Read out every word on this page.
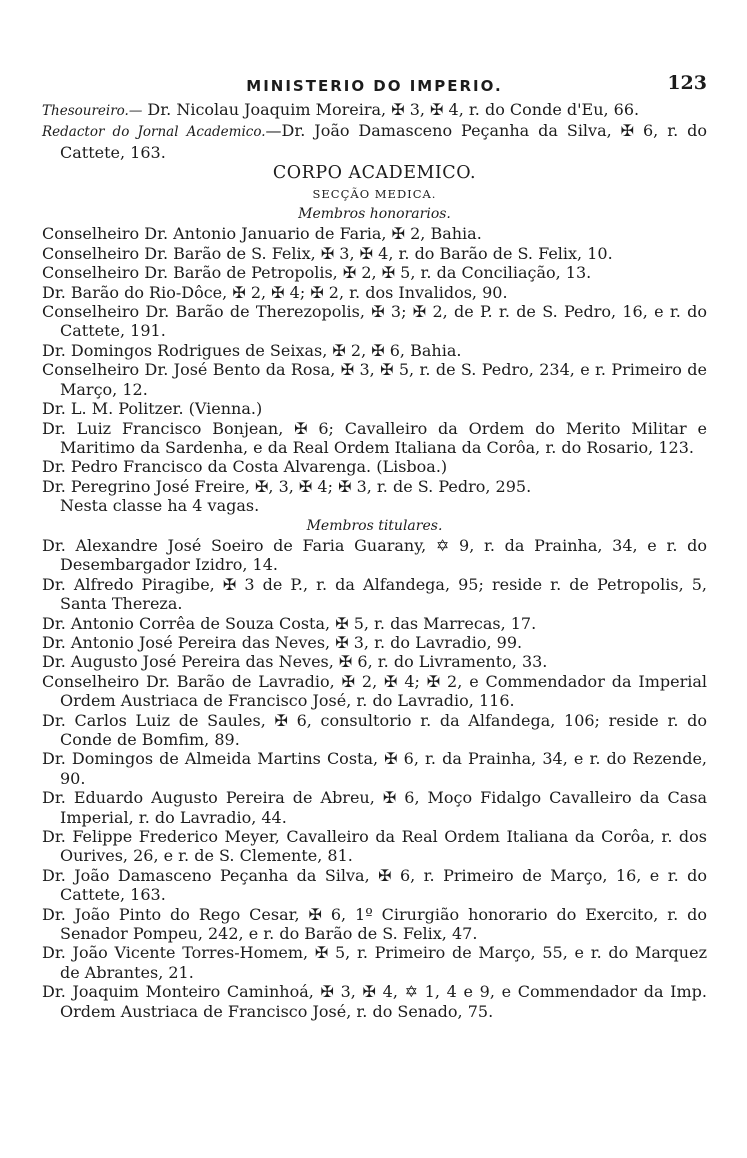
MINISTERIO DO IMPERIO.	123

Thesoureiro.— Dr. Nicolau Joaquim Moreira, ✠ 3, ✠ 4, r. do Conde d'Eu, 66.

Redactor do Jornal Academico.—Dr. João Damasceno Peçanha da Silva, ✠ 6, r. do Cattete, 163.

CORPO ACADEMICO.

SECÇÃO MEDICA.

Membros honorarios.

Conselheiro Dr. Antonio Januario de Faria, ✠ 2, Bahia.

Conselheiro Dr. Barão de S. Felix, ✠ 3, ✠ 4, r. do Barão de S. Felix, 10.

Conselheiro Dr. Barão de Petropolis, ✠ 2, ✠ 5, r. da Conciliação, 13.

Dr. Barão do Rio-Dôce, ✠ 2, ✠ 4; ✠ 2, r. dos Invalidos, 90.

Conselheiro Dr. Barão de Therezopolis, ✠ 3; ✠ 2, de P. r. de S. Pedro, 16, e r. do Cattete, 191.

Dr. Domingos Rodrigues de Seixas, ✠ 2, ✠ 6, Bahia.

Conselheiro Dr. José Bento da Rosa, ✠ 3, ✠ 5, r. de S. Pedro, 234, e r. Primeiro de Março, 12.

Dr. L. M. Politzer. (Vienna.)

Dr. Luiz Francisco Bonjean, ✠ 6; Cavalleiro da Ordem do Merito Militar e Maritimo da Sardenha, e da Real Ordem Italiana da Corôa, r. do Rosario, 123.

Dr. Pedro Francisco da Costa Alvarenga. (Lisboa.)

Dr. Peregrino José Freire, ✠, 3, ✠ 4; ✠ 3, r. de S. Pedro, 295.

Nesta classe ha 4 vagas.

Membros titulares.

Dr. Alexandre José Soeiro de Faria Guarany, ✡ 9, r. da Prainha, 34, e r. do Desembargador Izidro, 14.

Dr. Alfredo Piragibe, ✠ 3 de P., r. da Alfandega, 95; reside r. de Petropolis, 5, Santa Thereza.

Dr. Antonio Corrêa de Souza Costa, ✠ 5, r. das Marrecas, 17.

Dr. Antonio José Pereira das Neves, ✠ 3, r. do Lavradio, 99.

Dr. Augusto José Pereira das Neves, ✠ 6, r. do Livramento, 33.

Conselheiro Dr. Barão de Lavradio, ✠ 2, ✠ 4; ✠ 2, e Commendador da Imperial Ordem Austriaca de Francisco José, r. do Lavradio, 116.

Dr. Carlos Luiz de Saules, ✠ 6, consultorio r. da Alfandega, 106; reside r. do Conde de Bomfim, 89.

Dr. Domingos de Almeida Martins Costa, ✠ 6, r. da Prainha, 34, e r. do Rezende, 90.

Dr. Eduardo Augusto Pereira de Abreu, ✠ 6, Moço Fidalgo Cavalleiro da Casa Imperial, r. do Lavradio, 44.

Dr. Felippe Frederico Meyer, Cavalleiro da Real Ordem Italiana da Corôa, r. dos Ourives, 26, e r. de S. Clemente, 81.

Dr. João Damasceno Peçanha da Silva, ✠ 6, r. Primeiro de Março, 16, e r. do Cattete, 163.

Dr. João Pinto do Rego Cesar, ✠ 6, 1º Cirurgião honorario do Exercito, r. do Senador Pompeu, 242, e r. do Barão de S. Felix, 47.

Dr. João Vicente Torres-Homem, ✠ 5, r. Primeiro de Março, 55, e r. do Marquez de Abrantes, 21.

Dr. Joaquim Monteiro Caminhoá, ✠ 3, ✠ 4, ✡ 1, 4 e 9, e Commendador da Imp. Ordem Austriaca de Francisco José, r. do Senado, 75.
